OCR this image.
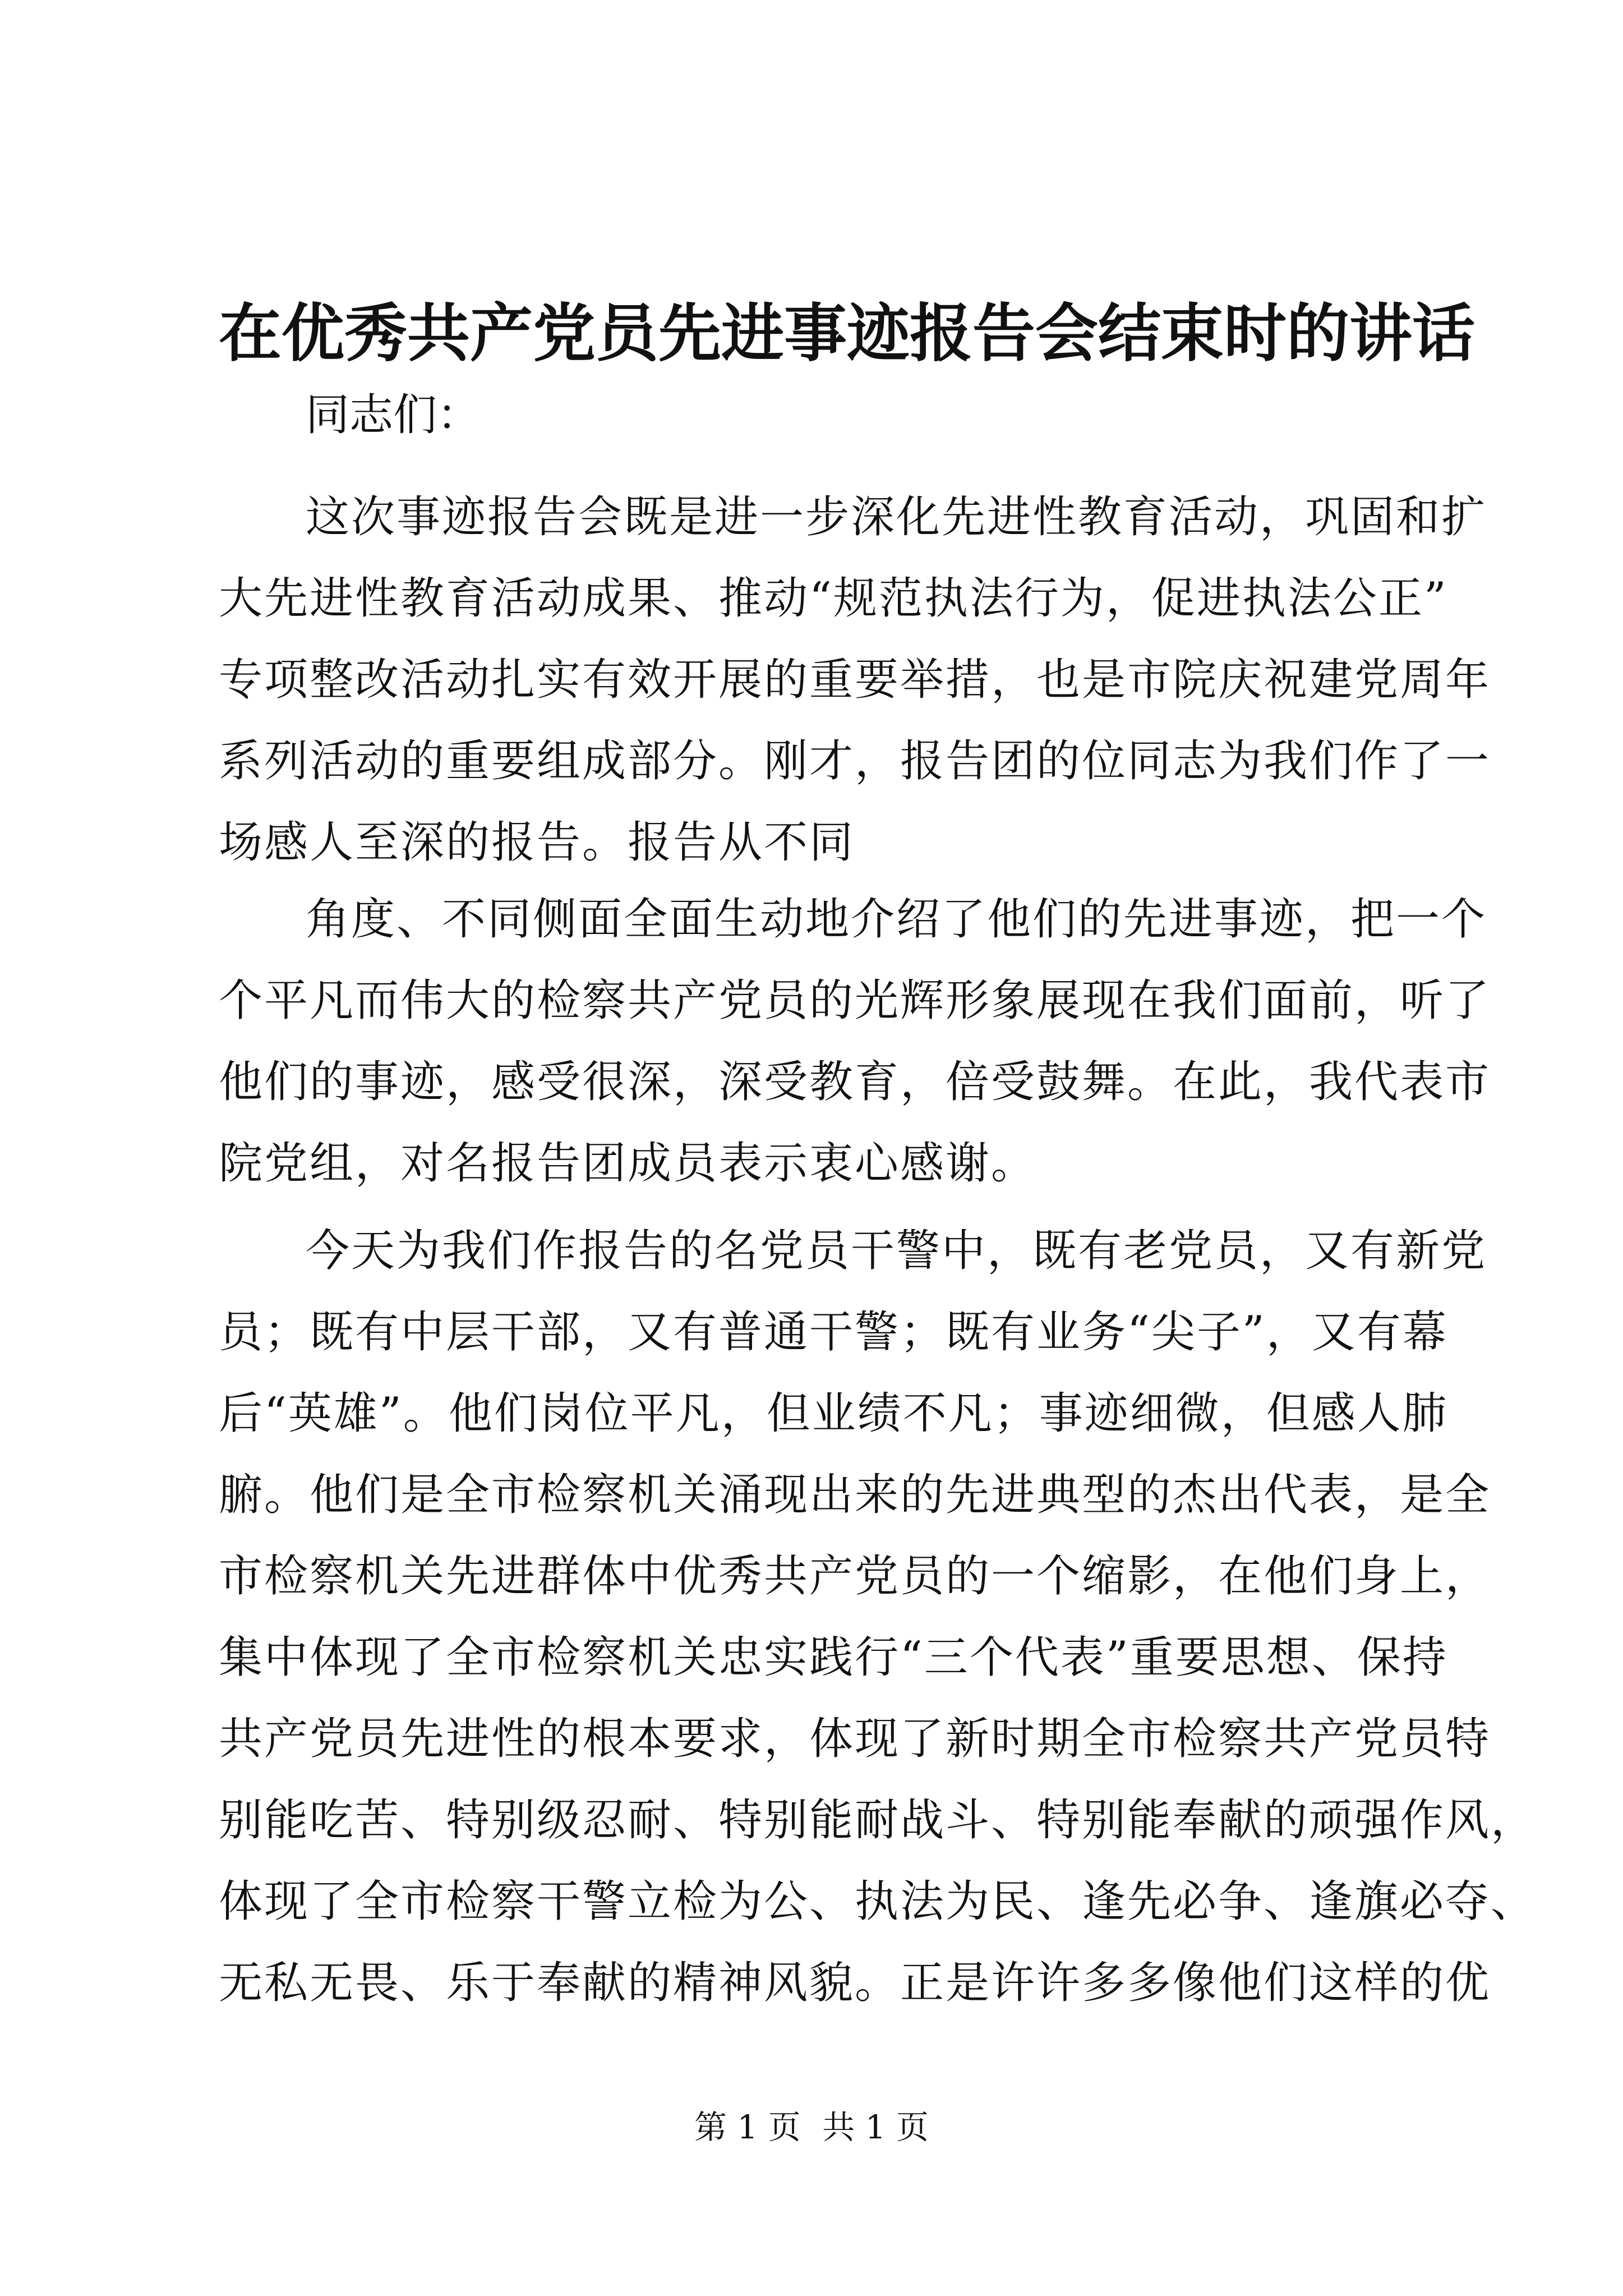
在优秀共产党员先进事迹报告会结束时的讲话
同志们：
这次事迹报告会既是进一步深化先进性教育活动，巩固和扩
大先进性教育活动成果、推动“规范执法行为，促进执法公正”
专项整改活动扎实有效开展的重要举措，也是市院庆祝建党周年
系列活动的重要组成部分。刚才，报告团的位同志为我们作了一
场感人至深的报告。报告从不同
角度、不同侧面全面生动地介绍了他们的先进事迹，把一个
个平凡而伟大的检察共产党员的光辉形象展现在我们面前，听了
他们的事迹，感受很深，深受教育，倍受鼓舞。在此，我代表市
院党组，对名报告团成员表示衷心感谢。
今天为我们作报告的名党员干警中，既有老党员，又有新党
员；既有中层干部，又有普通干警；既有业务“尖子”，又有幕
后“英雄”。他们岗位平凡，但业绩不凡；事迹细微，但感人肺
腑。他们是全市检察机关涌现出来的先进典型的杰出代表，是全
市检察机关先进群体中优秀共产党员的一个缩影，在他们身上，
集中体现了全市检察机关忠实践行“三个代表”重要思想、保持
共产党员先进性的根本要求，体现了新时期全市检察共产党员特
别能吃苦、特别级忍耐、特别能耐战斗、特别能奉献的顽强作风，
体现了全市检察干警立检为公、执法为民、逢先必争、逢旗必夺、
无私无畏、乐于奉献的精神风貌。正是许许多多像他们这样的优
第 1 页 共 1 页
